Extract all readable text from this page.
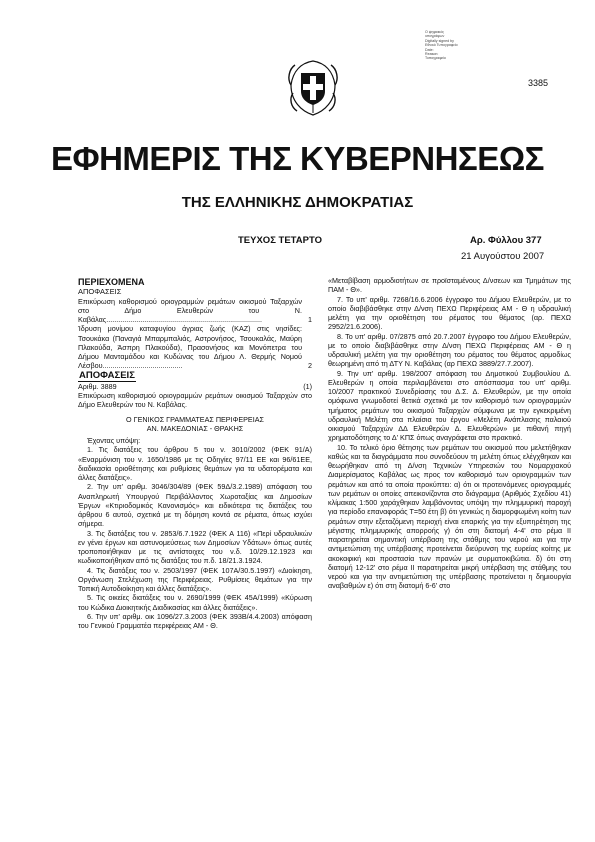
Ο ψηφιακός
υπογράφων
Digitally signed by
Εθνικό Τυπογραφείο
Date:
Reason:
Τυπογραφείο
3385
ΕΦΗΜΕΡΙΣ ΤΗΣ ΚΥΒΕΡΝΗΣΕΩΣ
ΤΗΣ ΕΛΛΗΝΙΚΗΣ ΔΗΜΟΚΡΑΤΙΑΣ
ΤΕΥΧΟΣ ΤΕΤΑΡΤΟ	Αρ. Φύλλου 377
21 Αυγούστου 2007

ΠΕΡΙΕΧΟΜΕΝΑ

ΑΠΟΦΑΣΕΙΣ

Επικύρωση καθορισμού οριογραμμών ρεμάτων οικισμού Ταξαρχών στο Δήμο Ελευθερών του Ν. Καβάλας..............................................................................	1

Ίδρυση μονίμου καταφυγίου άγριας ζωής (ΚΑΖ) στις νησίδες: Τσουκάκα (Παναγιά Μπαρμπαλιάς, Αστρονήσος, Τσουκαλάς, Μαύρη Πλακούδα, Άσπρη Πλακούδα), Πρασονήσος και Μονόπετρα του Δήμου Μανταμάδου και Κυδώνας του Δήμου Λ. Θερμής Νομού Λέσβου........................................	2

ΑΠΟΦΑΣΕΙΣ

Αριθμ. 3889	(1)

Επικύρωση καθορισμού οριογραμμών ρεμάτων οικισμού Ταξαρχών στο Δήμο Ελευθερών του Ν. Καβάλας.

Ο ΓΕΝΙΚΟΣ ΓΡΑΜΜΑΤΕΑΣ ΠΕΡΙΦΕΡΕΙΑΣ

ΑΝ. ΜΑΚΕΔΟΝΙΑΣ - ΘΡΑΚΗΣ

Έχοντας υπόψη:

1. Τις διατάξεις του άρθρου 5 του ν. 3010/2002 (ΦΕΚ 91/Α) «Εναρμόνιση του ν. 1650/1986 με τις Οδηγίες 97/11 ΕΕ και 96/61ΕΕ, διαδικασία οριοθέτησης και ρυθμίσεις θεμάτων για τα υδατορέματα και άλλες διατάξεις».

2. Την υπ' αριθμ. 3046/304/89 (ΦΕΚ 59Δ/3.2.1989) απόφαση του Αναπληρωτή Υπουργού Περιβάλλοντος Χωροταξίας και Δημοσίων Έργων «Κτιριοδομικός Κανονισμός» και ειδικότερα τις διατάξεις του άρθρου 6 αυτού, σχετικά με τη δόμηση κοντά σε ρέματα, όπως ισχύει σήμερα.

3. Τις διατάξεις του ν. 2853/6.7.1922 (ΦΕΚ Α 116) «Περί υδραυλικών εν γένει έργων και αστυνομεύσεως των Δημοσίων Υδάτων» όπως αυτές τροποποιήθηκαν με τις αντίστοιχες του ν.δ. 10/29.12.1923 και κωδικοποιήθηκαν από τις διατάξεις του π.δ. 18/21.3.1924.

4. Τις διατάξεις του ν. 2503/1997 (ΦΕΚ 107Α/30.5.1997) «Διοίκηση, Οργάνωση Στελέχωση της Περιφέρειας. Ρυθμίσεις θεμάτων για την Τοπική Αυτοδιοίκηση και άλλες διατάξεις».

5. Τις οικείες διατάξεις του ν. 2690/1999 (ΦΕΚ 45Α/1999) «Κύρωση του Κώδικα Διοικητικής Διαδικασίας και άλλες διατάξεις».

6. Την υπ' αριθμ. οικ 1096/27.3.2003 (ΦΕΚ 393Β/4.4.2003) απόφαση του Γενικού Γραμματέα περιφέρειας ΑΜ - Θ.

«Μεταβίβαση αρμοδιοτήτων σε προϊσταμένους Δ/νσεων και Τμημάτων της ΠΑΜ - Θ».

7. Το υπ' αριθμ. 7268/16.6.2006 έγγραφο του Δήμου Ελευθερών, με το οποίο διαβιβάσθηκε στην Δ/νση ΠΕΧΩ Περιφέρειας ΑΜ - Θ η υδραυλική μελέτη για την οριοθέτηση του ρέματος του θέματος (αρ. ΠΕΧΩ 2952/21.6.2006).

8. Το υπ' αριθμ. 07/2875 από 20.7.2007 έγγραφο του Δήμου Ελευθερών, με το οποίο διαβιβάσθηκε στην Δ/νση ΠΕΧΩ Περιφέρειας ΑΜ - Θ η υδραυλική μελέτη για την οριοθέτηση του ρέματος του θέματος αρμοδίως θεωρημένη από τη ΔΤΥ Ν. Καβάλας (αρ ΠΕΧΩ 3889/27.7.2007).

9. Την υπ' αριθμ. 198/2007 απόφαση του Δημοτικού Συμβουλίου Δ. Ελευθερών η οποία περιλαμβάνεται στο απόσπασμα του υπ' αριθμ. 10/2007 πρακτικού Συνεδρίασης του Δ.Σ. Δ. Ελευθερών, με την οποία ομόφωνα γνωμοδοτεί θετικά σχετικά με τον καθορισμό των οριογραμμών τμήματος ρεμάτων του οικισμού Ταξαρχών σύμφωνα με την εγκεκριμένη υδραυλική Μελέτη στα πλαίσια του έργου «Μελέτη Ανάπλασης παλαιού οικισμού Ταξαρχών ΔΔ Ελευθερών Δ. Ελευθερών» με πιθανή πηγή χρηματοδότησης το Δ' ΚΠΣ όπως αναγράφεται στο πρακτικό.

10. Το τελικό όριο θέτησης των ρεμάτων του οικισμού που μελετήθηκαν καθώς και τα διαγράμματα που συνοδεύουν τη μελέτη όπως ελέγχθηκαν και θεωρήθηκαν από τη Δ/νση Τεχνικών Υπηρεσιών του Νομαρχιακού Διαμερίσματος Καβάλας ως προς τον καθορισμό των οριογραμμών των ρεμάτων και από τα οποία προκύπτει: α) ότι οι προτεινόμενες οριογραμμές των ρεμάτων οι οποίες απεικονίζονται στο διάγραμμα (Αριθμός Σχεδίου 41) κλίμακας 1:500 χαράχθηκαν λαμβάνοντας υπόψη την πλημμυρική παροχή για περίοδο επαναφοράς Τ=50 έτη β) ότι γενικώς η διαμορφωμένη κοίτη των ρεμάτων στην εξεταζόμενη περιοχή είναι επαρκής για την εξυπηρέτηση της μέγιστης πλημμυρικής απορροής γ) ότι στη διατομή 4-4' στο ρέμα ΙΙ παρατηρείται σημαντική υπέρβαση της στάθμης του νερού και για την αντιμετώπιση της υπέρβασης προτείνεται διεύρυνση της ευρείας κοίτης με ακοκαφική και προστασία των πρανών με συρματοκιβώτια. δ) ότι στη διατομή 12-12' στο ρέμα ΙΙ παρατηρείται μικρή υπέρβαση της στάθμης του νερού και για την αντιμετώπιση της υπέρβασης προτείνεται η δημιουργία αναβαθμών ε) ότι στη διατομή 6-6' στο
